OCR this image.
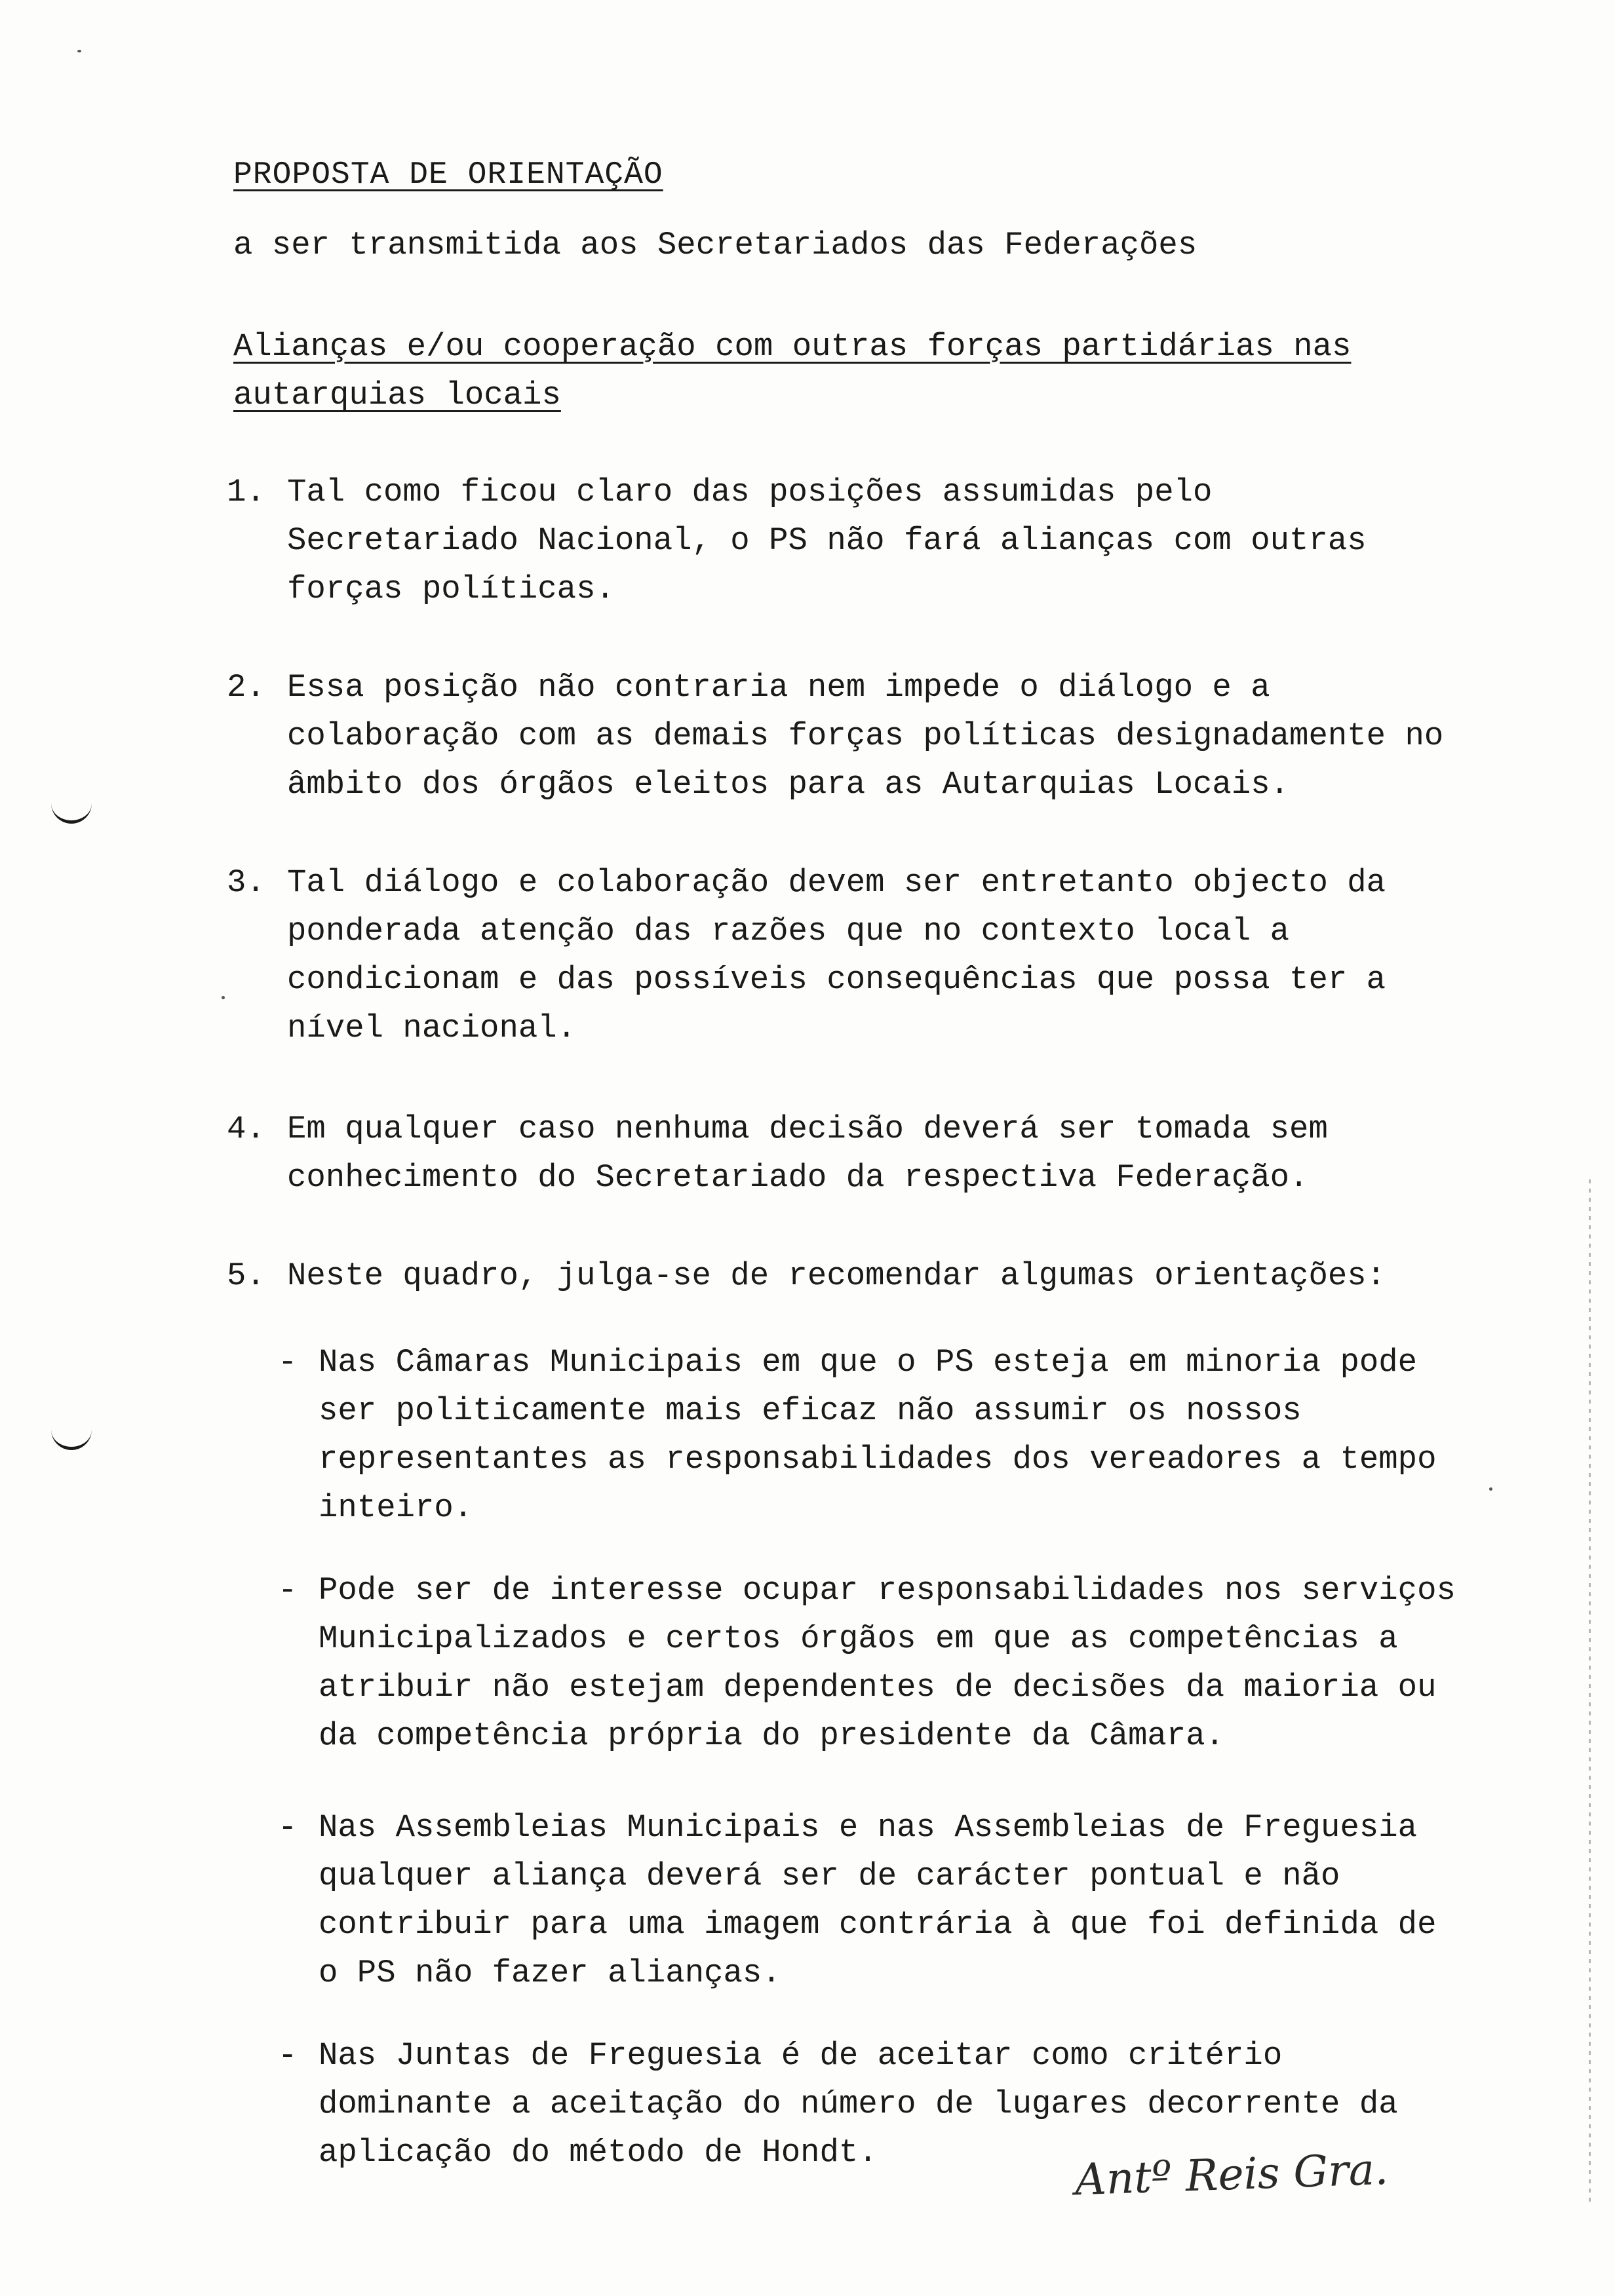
PROPOSTA DE ORIENTAÇÃO
a ser transmitida aos Secretariados das Federações
Alianças e/ou cooperação com outras forças partidárias nas autarquias locais
1. Tal como ficou claro das posições assumidas pelo Secretariado Nacional, o PS não fará alianças com outras forças políticas.
2. Essa posição não contraria nem impede o diálogo e a colaboração com as demais forças políticas designadamente no âmbito dos órgãos eleitos para as Autarquias Locais.
3. Tal diálogo e colaboração devem ser entretanto objecto da ponderada atenção das razões que no contexto local a condicionam e das possíveis consequências que possa ter a nível nacional.
4. Em qualquer caso nenhuma decisão deverá ser tomada sem conhecimento do Secretariado da respectiva Federação.
5. Neste quadro, julga-se de recomendar algumas orientações:
- Nas Câmaras Municipais em que o PS esteja em minoria pode ser politicamente mais eficaz não assumir os nossos representantes as responsabilidades dos vereadores a tempo inteiro.
- Pode ser de interesse ocupar responsabilidades nos serviços Municipalizados e certos órgãos em que as competências a atribuir não estejam dependentes de decisões da maioria ou da competência própria do presidente da Câmara.
- Nas Assembleias Municipais e nas Assembleias de Freguesia qualquer aliança deverá ser de carácter pontual e não contribuir para uma imagem contrária à que foi definida de o PS não fazer alianças.
- Nas Juntas de Freguesia é de aceitar como critério dominante a aceitação do número de lugares decorrente da aplicação do método de Hondt.	Antº Reis Gra.
